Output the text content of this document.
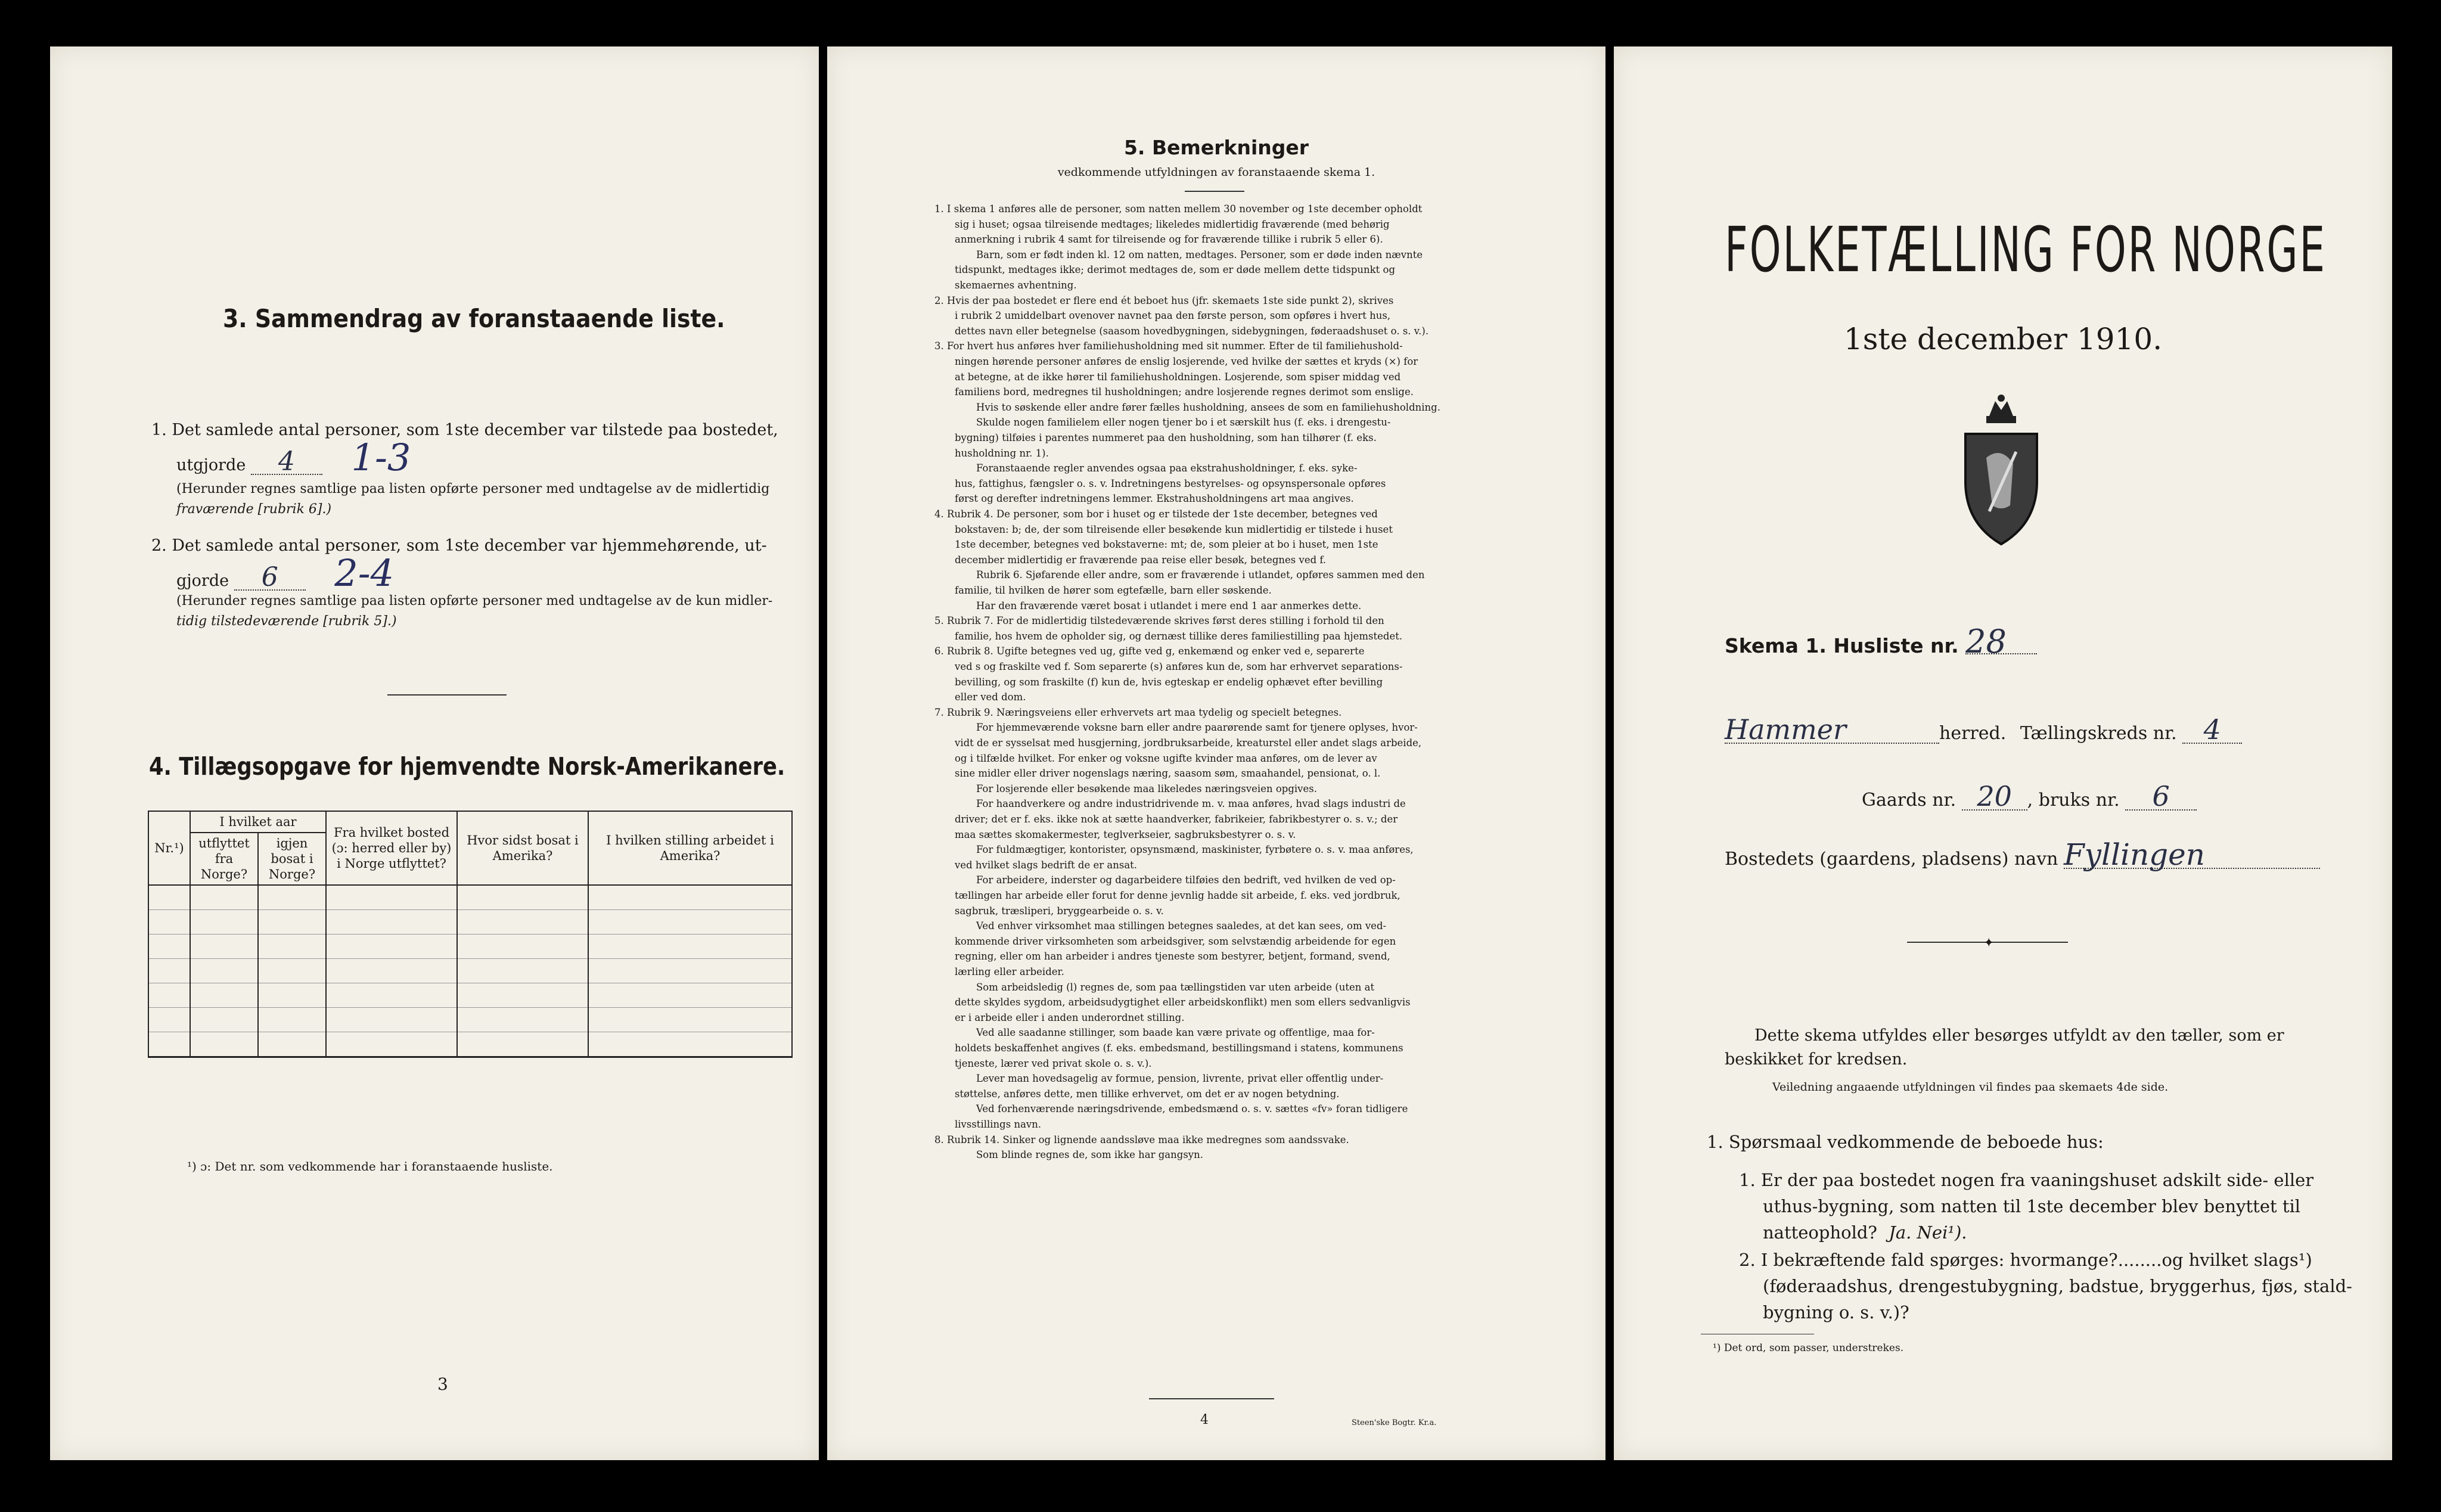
3. Sammendrag av foranstaaende liste.
1. Det samlede antal personer, som 1ste december var tilstede paa bostedet,
utgjorde 4 1-3
(Herunder regnes samtlige paa listen opførte personer med undtagelse av de midlertidig
fraværende [rubrik 6].)
2. Det samlede antal personer, som 1ste december var hjemmehørende, ut-
gjorde 6 2-4
(Herunder regnes samtlige paa listen opførte personer med undtagelse av de kun midler-
tidig tilstedeværende [rubrik 5].)
4. Tillægsopgave for hjemvendte Norsk-Amerikanere.
Nr.¹)	I hvilket aar		Fra hvilket bosted (ɔ: herred eller by) i Norge utflyttet?	Hvor sidst bosat i Amerika?	I hvilken stilling arbeidet i Amerika?
	utflyttet fra Norge?	igjen bosat i Norge?			

¹) ɔ: Det nr. som vedkommende har i foranstaaende husliste.
3
5. Bemerkninger
vedkommende utfyldningen av foranstaaende skema 1.
1. I skema 1 anføres alle de personer, som natten mellem 30 november og 1ste december opholdt
sig i huset; ogsaa tilreisende medtages; likeledes midlertidig fraværende (med behørig
anmerkning i rubrik 4 samt for tilreisende og for fraværende tillike i rubrik 5 eller 6).
Barn, som er født inden kl. 12 om natten, medtages. Personer, som er døde inden nævnte
tidspunkt, medtages ikke; derimot medtages de, som er døde mellem dette tidspunkt og
skemaernes avhentning.
2. Hvis der paa bostedet er flere end ét beboet hus (jfr. skemaets 1ste side punkt 2), skrives
i rubrik 2 umiddelbart ovenover navnet paa den første person, som opføres i hvert hus,
dettes navn eller betegnelse (saasom hovedbygningen, sidebygningen, føderaadshuset o. s. v.).
3. For hvert hus anføres hver familiehusholdning med sit nummer. Efter de til familiehushold-
ningen hørende personer anføres de enslig losjerende, ved hvilke der sættes et kryds (×) for
at betegne, at de ikke hører til familiehusholdningen. Losjerende, som spiser middag ved
familiens bord, medregnes til husholdningen; andre losjerende regnes derimot som enslige.
Hvis to søskende eller andre fører fælles husholdning, ansees de som en familiehusholdning.
Skulde nogen familielem eller nogen tjener bo i et særskilt hus (f. eks. i drengestu-
bygning) tilføies i parentes nummeret paa den husholdning, som han tilhører (f. eks.
husholdning nr. 1).
Foranstaaende regler anvendes ogsaa paa ekstrahusholdninger, f. eks. syke-
hus, fattighus, fængsler o. s. v. Indretningens bestyrelses- og opsynspersonale opføres
først og derefter indretningens lemmer. Ekstrahusholdningens art maa angives.
4. Rubrik 4. De personer, som bor i huset og er tilstede der 1ste december, betegnes ved
bokstaven: b; de, der som tilreisende eller besøkende kun midlertidig er tilstede i huset
1ste december, betegnes ved bokstaverne: mt; de, som pleier at bo i huset, men 1ste
december midlertidig er fraværende paa reise eller besøk, betegnes ved f.
Rubrik 6. Sjøfarende eller andre, som er fraværende i utlandet, opføres sammen med den
familie, til hvilken de hører som egtefælle, barn eller søskende.
Har den fraværende været bosat i utlandet i mere end 1 aar anmerkes dette.
5. Rubrik 7. For de midlertidig tilstedeværende skrives først deres stilling i forhold til den
familie, hos hvem de opholder sig, og dernæst tillike deres familiestilling paa hjemstedet.
6. Rubrik 8. Ugifte betegnes ved ug, gifte ved g, enkemænd og enker ved e, separerte
ved s og fraskilte ved f. Som separerte (s) anføres kun de, som har erhvervet separations-
bevilling, og som fraskilte (f) kun de, hvis egteskap er endelig ophævet efter bevilling
eller ved dom.
7. Rubrik 9. Næringsveiens eller erhvervets art maa tydelig og specielt betegnes.
For hjemmeværende voksne barn eller andre paarørende samt for tjenere oplyses, hvor-
vidt de er sysselsat med husgjerning, jordbruksarbeide, kreaturstel eller andet slags arbeide,
og i tilfælde hvilket. For enker og voksne ugifte kvinder maa anføres, om de lever av
sine midler eller driver nogenslags næring, saasom søm, smaahandel, pensionat, o. l.
For losjerende eller besøkende maa likeledes næringsveien opgives.
For haandverkere og andre industridrivende m. v. maa anføres, hvad slags industri de
driver; det er f. eks. ikke nok at sætte haandverker, fabrikeier, fabrikbestyrer o. s. v.; der
maa sættes skomakermester, teglverkseier, sagbruksbestyrer o. s. v.
For fuldmægtiger, kontorister, opsynsmænd, maskinister, fyrbøtere o. s. v. maa anføres,
ved hvilket slags bedrift de er ansat.
For arbeidere, inderster og dagarbeidere tilføies den bedrift, ved hvilken de ved op-
tællingen har arbeide eller forut for denne jevnlig hadde sit arbeide, f. eks. ved jordbruk,
sagbruk, træsliperi, bryggearbeide o. s. v.
Ved enhver virksomhet maa stillingen betegnes saaledes, at det kan sees, om ved-
kommende driver virksomheten som arbeidsgiver, som selvstændig arbeidende for egen
regning, eller om han arbeider i andres tjeneste som bestyrer, betjent, formand, svend,
lærling eller arbeider.
Som arbeidsledig (l) regnes de, som paa tællingstiden var uten arbeide (uten at
dette skyldes sygdom, arbeidsudygtighet eller arbeidskonflikt) men som ellers sedvanligvis
er i arbeide eller i anden underordnet stilling.
Ved alle saadanne stillinger, som baade kan være private og offentlige, maa for-
holdets beskaffenhet angives (f. eks. embedsmand, bestillingsmand i statens, kommunens
tjeneste, lærer ved privat skole o. s. v.).
Lever man hovedsagelig av formue, pension, livrente, privat eller offentlig under-
støttelse, anføres dette, men tillike erhvervet, om det er av nogen betydning.
Ved forhenværende næringsdrivende, embedsmænd o. s. v. sættes «fv» foran tidligere
livsstillings navn.
8. Rubrik 14. Sinker og lignende aandssløve maa ikke medregnes som aandssvake.
Som blinde regnes de, som ikke har gangsyn.
4	Steen'ske Bogtr. Kr.a.
FOLKETÆLLING FOR NORGE
1ste december 1910.
Skema 1. Husliste nr. 28
Hammer	herred. Tællingskreds nr. 4
Gaards nr. 20 , bruks nr. 6
Bostedets (gaardens, pladsens) navn Fyllingen
✦
Dette skema utfyldes eller besørges utfyldt av den tæller, som er
beskikket for kredsen.
Veiledning angaaende utfyldningen vil findes paa skemaets 4de side.
1. Spørsmaal vedkommende de beboede hus:
1. Er der paa bostedet nogen fra vaaningshuset adskilt side- eller
uthus-bygning, som natten til 1ste december blev benyttet til
natteophold? Ja. Nei¹).
2. I bekræftende fald spørges: hvormange?........og hvilket slags¹)
(føderaadshus, drengestubygning, badstue, bryggerhus, fjøs, stald-
bygning o. s. v.)?
¹) Det ord, som passer, understrekes.
